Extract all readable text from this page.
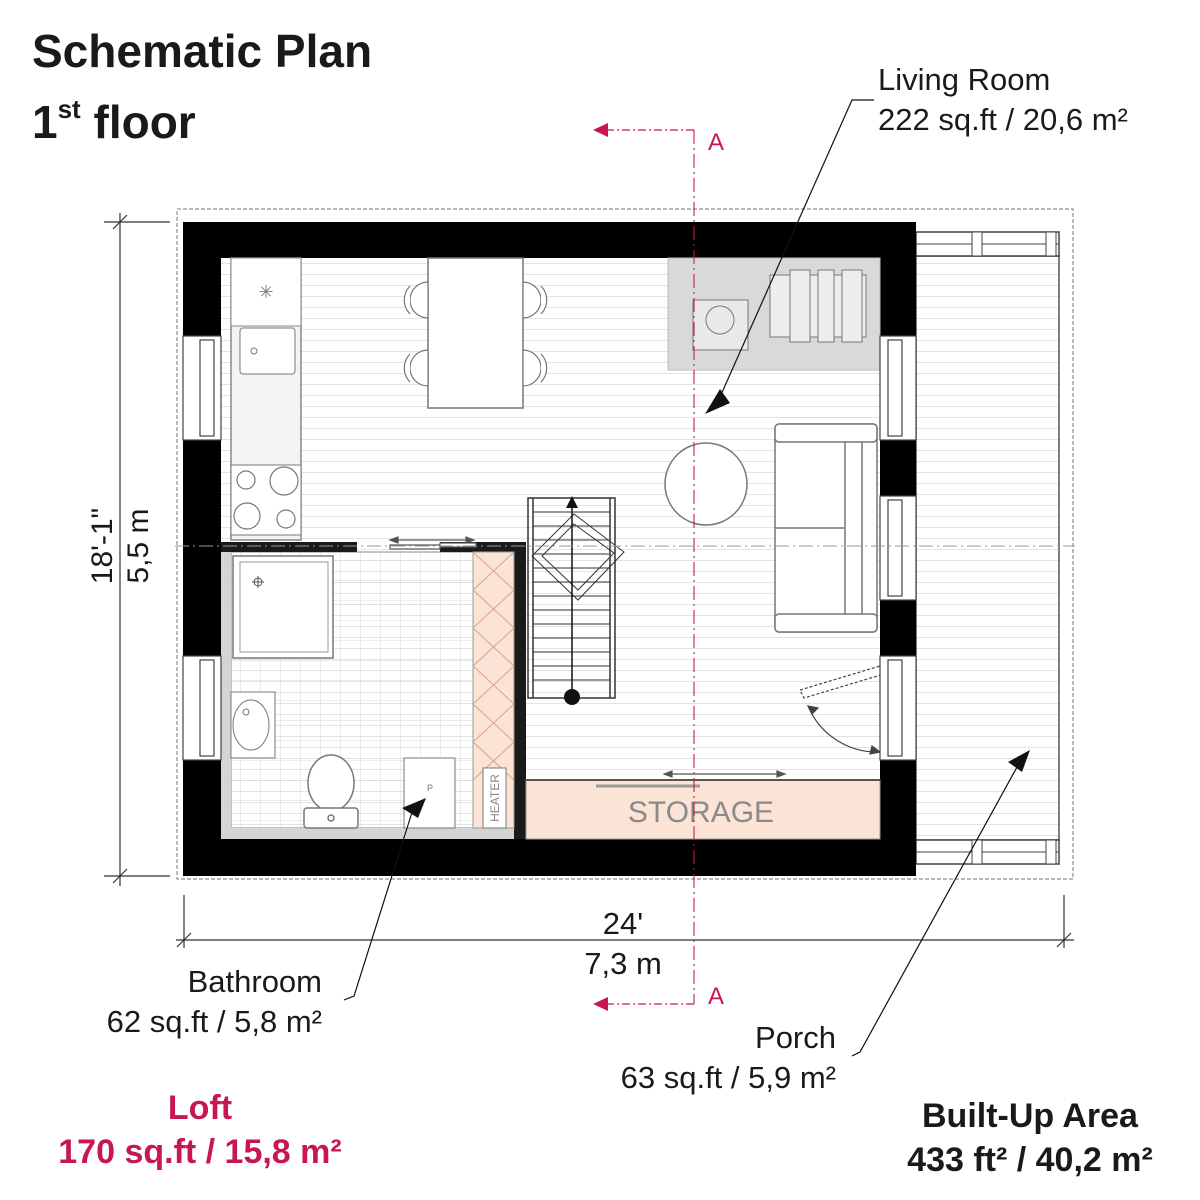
Schematic Plan
1st floor
Living Room
222 sq.ft / 20,6 m²
Bathroom
62 sq.ft / 5,8 m²	Porch
63 sq.ft / 5,9 m²
24'
7,3 m
Loft
170 sq.ft / 15,8 m²
Built-Up Area
433 ft² / 40,2 m²
✳
P	HEATER	STORAGE
A
A
18'-1" 5,5 m
